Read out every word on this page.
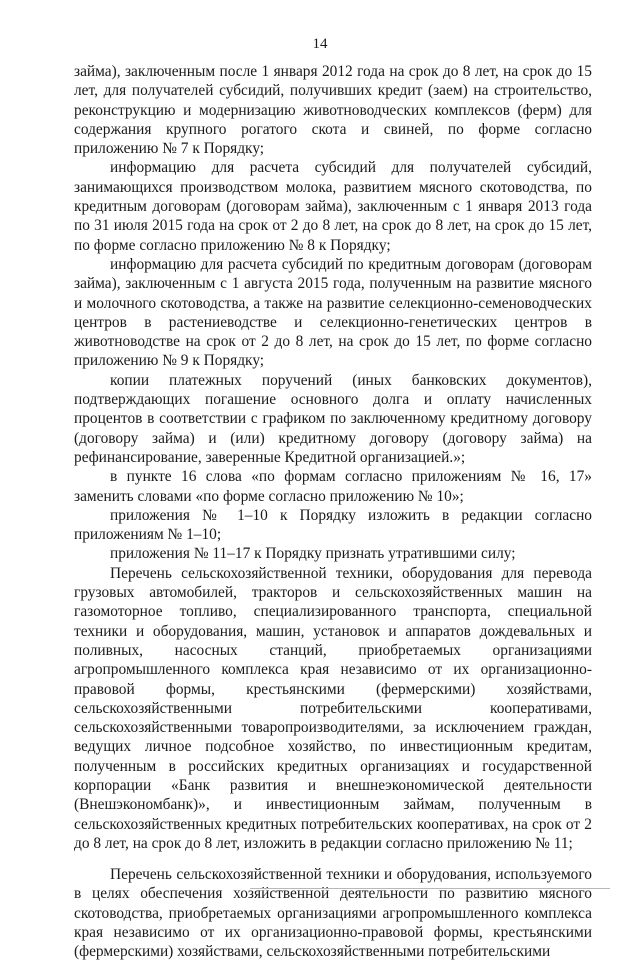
14

займа), заключенным после 1 января 2012 года на срок до 8 лет, на срок до 15 лет, для получателей субсидий, получивших кредит (заем) на строительство, реконструкцию и модернизацию животноводческих комплексов (ферм) для содержания крупного рогатого скота и свиней, по форме согласно приложению № 7 к Порядку;

информацию для расчета субсидий для получателей субсидий, занимающихся производством молока, развитием мясного скотоводства, по кредитным договорам (договорам займа), заключенным с 1 января 2013 года по 31 июля 2015 года на срок от 2 до 8 лет, на срок до 8 лет, на срок до 15 лет, по форме согласно приложению № 8 к Порядку;

информацию для расчета субсидий по кредитным договорам (договорам займа), заключенным с 1 августа 2015 года, полученным на развитие мясного и молочного скотоводства, а также на развитие селекционно-семеноводческих центров в растениеводстве и селекционно-генетических центров в животноводстве на срок от 2 до 8 лет, на срок до 15 лет, по форме согласно приложению № 9 к Порядку;

копии платежных поручений (иных банковских документов), подтверждающих погашение основного долга и оплату начисленных процентов в соответствии с графиком по заключенному кредитному договору (договору займа) и (или) кредитному договору (договору займа) на рефинансирование, заверенные Кредитной организацией.»;

в пункте 16 слова «по формам согласно приложениям № 16, 17» заменить словами «по форме согласно приложению № 10»;

приложения № 1–10 к Порядку изложить в редакции согласно приложениям № 1–10;

приложения № 11–17 к Порядку признать утратившими силу;

Перечень сельскохозяйственной техники, оборудования для перевода грузовых автомобилей, тракторов и сельскохозяйственных машин на газомоторное топливо, специализированного транспорта, специальной техники и оборудования, машин, установок и аппаратов дождевальных и поливных, насосных станций, приобретаемых организациями агропромышленного комплекса края независимо от их организационно-правовой формы, крестьянскими (фермерскими) хозяйствами, сельскохозяйственными потребительскими кооперативами, сельскохозяйственными товаропроизводителями, за исключением граждан, ведущих личное подсобное хозяйство, по инвестиционным кредитам, полученным в российских кредитных организациях и государственной корпорации «Банк развития и внешнеэкономической деятельности (Внешэкономбанк)», и инвестиционным займам, полученным в сельскохозяйственных кредитных потребительских кооперативах, на срок от 2 до 8 лет, на срок до 8 лет, изложить в редакции согласно приложению № 11;

Перечень сельскохозяйственной техники и оборудования, используемого в целях обеспечения хозяйственной деятельности по развитию мясного скотоводства, приобретаемых организациями агропромышленного комплекса края независимо от их организационно-правовой формы, крестьянскими (фермерскими) хозяйствами, сельскохозяйственными потребительскими
